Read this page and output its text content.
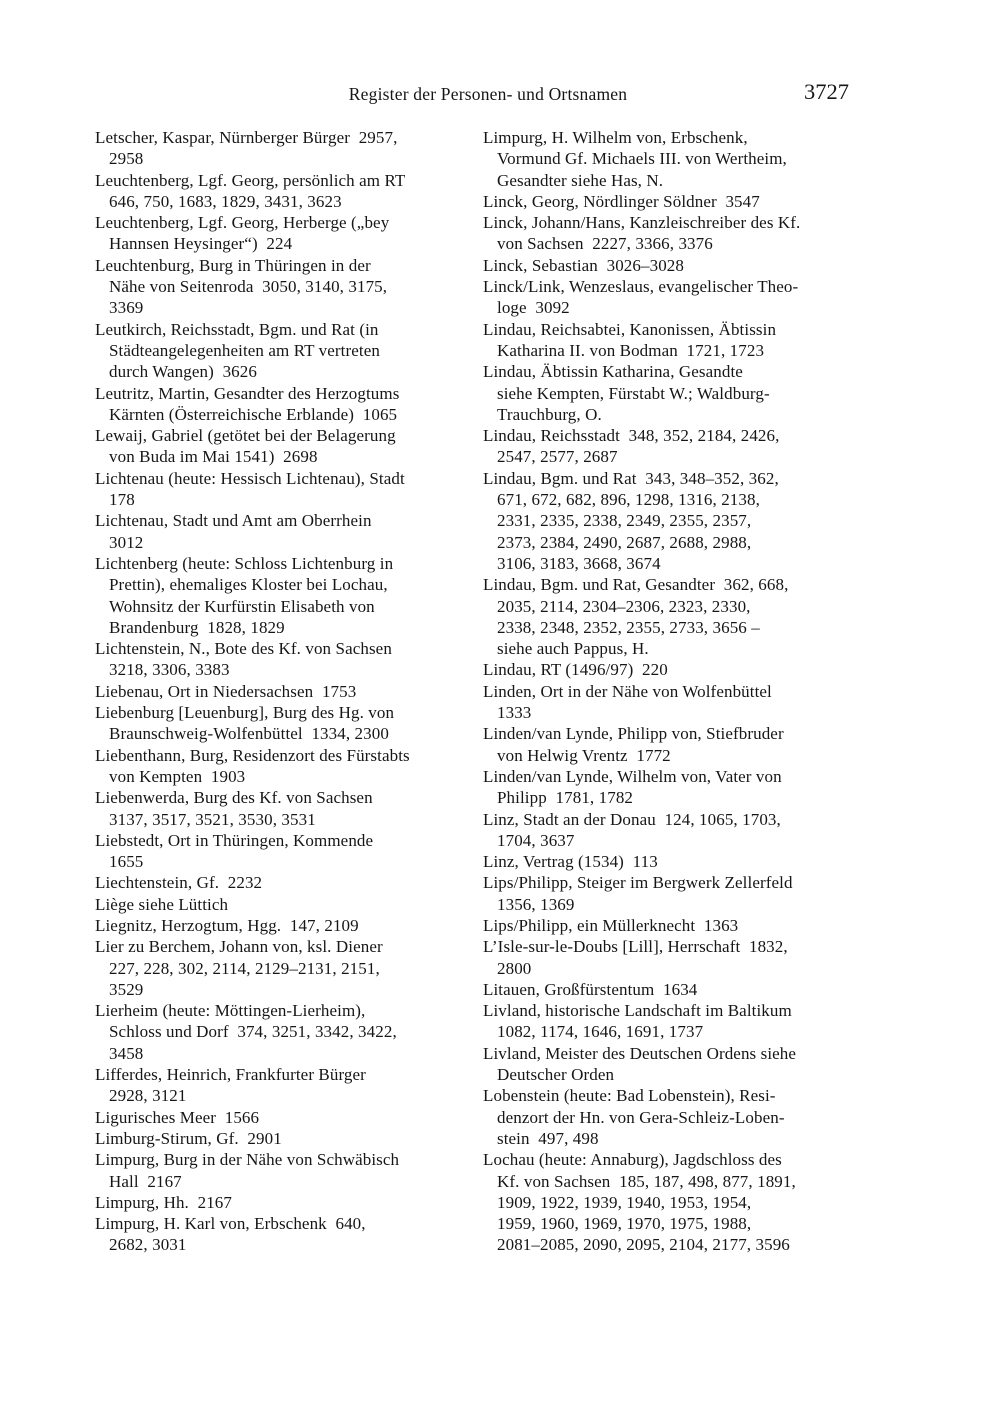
Register der Personen- und Ortsnamen	3727
Letscher, Kaspar, Nürnberger Bürger  2957,
2958
Leuchtenberg, Lgf. Georg, persönlich am RT
646, 750, 1683, 1829, 3431, 3623
Leuchtenberg, Lgf. Georg, Herberge („bey
Hannsen Heysinger“)  224
Leuchtenburg, Burg in Thüringen in der
Nähe von Seitenroda  3050, 3140, 3175,
3369
Leutkirch, Reichsstadt, Bgm. und Rat (in
Städteangelegenheiten am RT vertreten
durch Wangen)  3626
Leutritz, Martin, Gesandter des Herzogtums
Kärnten (Österreichische Erblande)  1065
Lewaij, Gabriel (getötet bei der Belagerung
von Buda im Mai 1541)  2698
Lichtenau (heute: Hessisch Lichtenau), Stadt
178
Lichtenau, Stadt und Amt am Oberrhein
3012
Lichtenberg (heute: Schloss Lichtenburg in
Prettin), ehemaliges Kloster bei Lochau,
Wohnsitz der Kurfürstin Elisabeth von
Brandenburg  1828, 1829
Lichtenstein, N., Bote des Kf. von Sachsen
3218, 3306, 3383
Liebenau, Ort in Niedersachsen  1753
Liebenburg [Leuenburg], Burg des Hg. von
Braunschweig-Wolfenbüttel  1334, 2300
Liebenthann, Burg, Residenzort des Fürstabts
von Kempten  1903
Liebenwerda, Burg des Kf. von Sachsen
3137, 3517, 3521, 3530, 3531
Liebstedt, Ort in Thüringen, Kommende
1655
Liechtenstein, Gf.  2232
Liège siehe Lüttich
Liegnitz, Herzogtum, Hgg.  147, 2109
Lier zu Berchem, Johann von, ksl. Diener
227, 228, 302, 2114, 2129–2131, 2151,
3529
Lierheim (heute: Möttingen-Lierheim),
Schloss und Dorf  374, 3251, 3342, 3422,
3458
Lifferdes, Heinrich, Frankfurter Bürger
2928, 3121
Ligurisches Meer  1566
Limburg-Stirum, Gf.  2901
Limpurg, Burg in der Nähe von Schwäbisch
Hall  2167
Limpurg, Hh.  2167
Limpurg, H. Karl von, Erbschenk  640,
2682, 3031
Limpurg, H. Wilhelm von, Erbschenk,
Vormund Gf. Michaels III. von Wertheim,
Gesandter siehe Has, N.
Linck, Georg, Nördlinger Söldner  3547
Linck, Johann/Hans, Kanzleischreiber des Kf.
von Sachsen  2227, 3366, 3376
Linck, Sebastian  3026–3028
Linck/Link, Wenzeslaus, evangelischer Theo-
loge  3092
Lindau, Reichsabtei, Kanonissen, Äbtissin
Katharina II. von Bodman  1721, 1723
Lindau, Äbtissin Katharina, Gesandte
siehe Kempten, Fürstabt W.; Waldburg-
Trauchburg, O.
Lindau, Reichsstadt  348, 352, 2184, 2426,
2547, 2577, 2687
Lindau, Bgm. und Rat  343, 348–352, 362,
671, 672, 682, 896, 1298, 1316, 2138,
2331, 2335, 2338, 2349, 2355, 2357,
2373, 2384, 2490, 2687, 2688, 2988,
3106, 3183, 3668, 3674
Lindau, Bgm. und Rat, Gesandter  362, 668,
2035, 2114, 2304–2306, 2323, 2330,
2338, 2348, 2352, 2355, 2733, 3656 –
siehe auch Pappus, H.
Lindau, RT (1496/97)  220
Linden, Ort in der Nähe von Wolfenbüttel
1333
Linden/van Lynde, Philipp von, Stiefbruder
von Helwig Vrentz  1772
Linden/van Lynde, Wilhelm von, Vater von
Philipp  1781, 1782
Linz, Stadt an der Donau  124, 1065, 1703,
1704, 3637
Linz, Vertrag (1534)  113
Lips/Philipp, Steiger im Bergwerk Zellerfeld
1356, 1369
Lips/Philipp, ein Müllerknecht  1363
L’Isle-sur-le-Doubs [Lill], Herrschaft  1832,
2800
Litauen, Großfürstentum  1634
Livland, historische Landschaft im Baltikum
1082, 1174, 1646, 1691, 1737
Livland, Meister des Deutschen Ordens siehe
Deutscher Orden
Lobenstein (heute: Bad Lobenstein), Resi-
denzort der Hn. von Gera-Schleiz-Loben-
stein  497, 498
Lochau (heute: Annaburg), Jagdschloss des
Kf. von Sachsen  185, 187, 498, 877, 1891,
1909, 1922, 1939, 1940, 1953, 1954,
1959, 1960, 1969, 1970, 1975, 1988,
2081–2085, 2090, 2095, 2104, 2177, 3596
